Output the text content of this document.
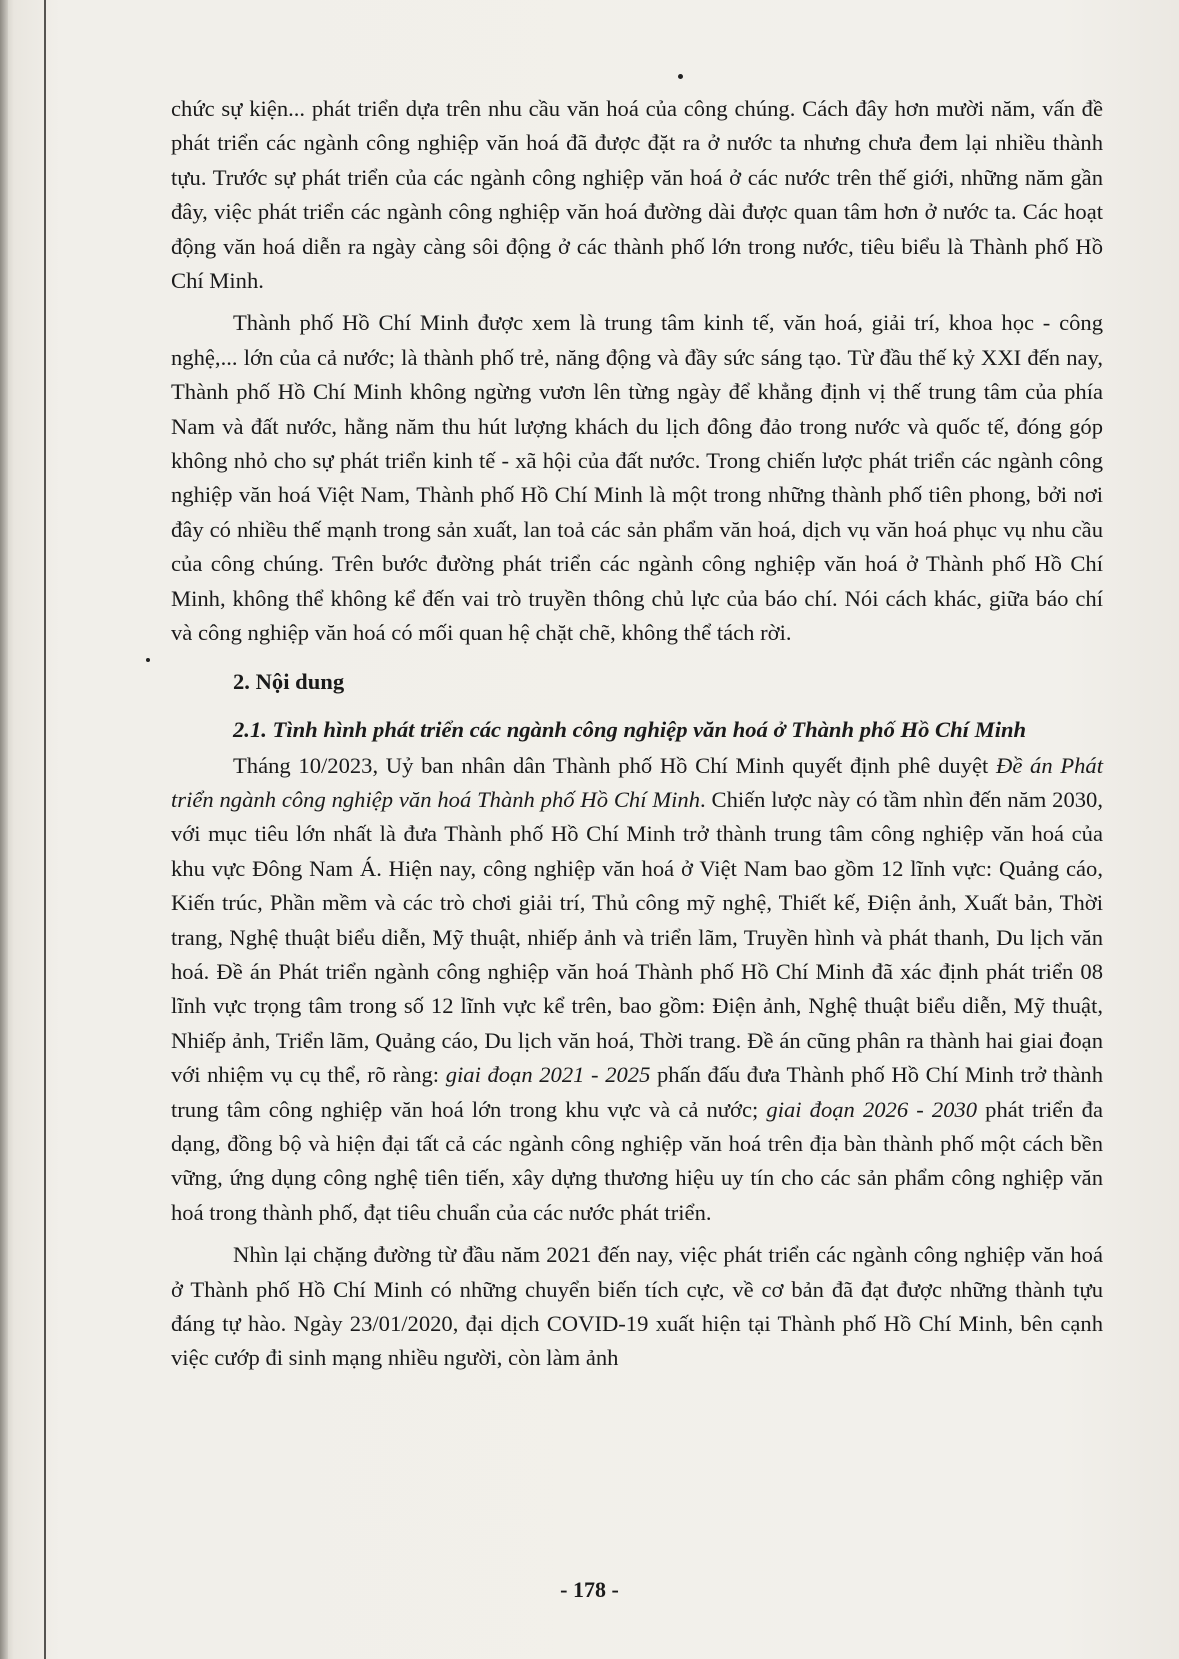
chức sự kiện... phát triển dựa trên nhu cầu văn hoá của công chúng. Cách đây hơn mười năm, vấn đề phát triển các ngành công nghiệp văn hoá đã được đặt ra ở nước ta nhưng chưa đem lại nhiều thành tựu. Trước sự phát triển của các ngành công nghiệp văn hoá ở các nước trên thế giới, những năm gần đây, việc phát triển các ngành công nghiệp văn hoá đường dài được quan tâm hơn ở nước ta. Các hoạt động văn hoá diễn ra ngày càng sôi động ở các thành phố lớn trong nước, tiêu biểu là Thành phố Hồ Chí Minh.

Thành phố Hồ Chí Minh được xem là trung tâm kinh tế, văn hoá, giải trí, khoa học - công nghệ,... lớn của cả nước; là thành phố trẻ, năng động và đầy sức sáng tạo. Từ đầu thế kỷ XXI đến nay, Thành phố Hồ Chí Minh không ngừng vươn lên từng ngày để khẳng định vị thế trung tâm của phía Nam và đất nước, hằng năm thu hút lượng khách du lịch đông đảo trong nước và quốc tế, đóng góp không nhỏ cho sự phát triển kinh tế - xã hội của đất nước. Trong chiến lược phát triển các ngành công nghiệp văn hoá Việt Nam, Thành phố Hồ Chí Minh là một trong những thành phố tiên phong, bởi nơi đây có nhiều thế mạnh trong sản xuất, lan toả các sản phẩm văn hoá, dịch vụ văn hoá phục vụ nhu cầu của công chúng. Trên bước đường phát triển các ngành công nghiệp văn hoá ở Thành phố Hồ Chí Minh, không thể không kể đến vai trò truyền thông chủ lực của báo chí. Nói cách khác, giữa báo chí và công nghiệp văn hoá có mối quan hệ chặt chẽ, không thể tách rời.

2. Nội dung

2.1. Tình hình phát triển các ngành công nghiệp văn hoá ở Thành phố Hồ Chí Minh

Tháng 10/2023, Uỷ ban nhân dân Thành phố Hồ Chí Minh quyết định phê duyệt Đề án Phát triển ngành công nghiệp văn hoá Thành phố Hồ Chí Minh. Chiến lược này có tầm nhìn đến năm 2030, với mục tiêu lớn nhất là đưa Thành phố Hồ Chí Minh trở thành trung tâm công nghiệp văn hoá của khu vực Đông Nam Á. Hiện nay, công nghiệp văn hoá ở Việt Nam bao gồm 12 lĩnh vực: Quảng cáo, Kiến trúc, Phần mềm và các trò chơi giải trí, Thủ công mỹ nghệ, Thiết kế, Điện ảnh, Xuất bản, Thời trang, Nghệ thuật biểu diễn, Mỹ thuật, nhiếp ảnh và triển lãm, Truyền hình và phát thanh, Du lịch văn hoá. Đề án Phát triển ngành công nghiệp văn hoá Thành phố Hồ Chí Minh đã xác định phát triển 08 lĩnh vực trọng tâm trong số 12 lĩnh vực kể trên, bao gồm: Điện ảnh, Nghệ thuật biểu diễn, Mỹ thuật, Nhiếp ảnh, Triển lãm, Quảng cáo, Du lịch văn hoá, Thời trang. Đề án cũng phân ra thành hai giai đoạn với nhiệm vụ cụ thể, rõ ràng: giai đoạn 2021 - 2025 phấn đấu đưa Thành phố Hồ Chí Minh trở thành trung tâm công nghiệp văn hoá lớn trong khu vực và cả nước; giai đoạn 2026 - 2030 phát triển đa dạng, đồng bộ và hiện đại tất cả các ngành công nghiệp văn hoá trên địa bàn thành phố một cách bền vững, ứng dụng công nghệ tiên tiến, xây dựng thương hiệu uy tín cho các sản phẩm công nghiệp văn hoá trong thành phố, đạt tiêu chuẩn của các nước phát triển.

Nhìn lại chặng đường từ đầu năm 2021 đến nay, việc phát triển các ngành công nghiệp văn hoá ở Thành phố Hồ Chí Minh có những chuyển biến tích cực, về cơ bản đã đạt được những thành tựu đáng tự hào. Ngày 23/01/2020, đại dịch COVID-19 xuất hiện tại Thành phố Hồ Chí Minh, bên cạnh việc cướp đi sinh mạng nhiều người, còn làm ảnh

- 178 -
